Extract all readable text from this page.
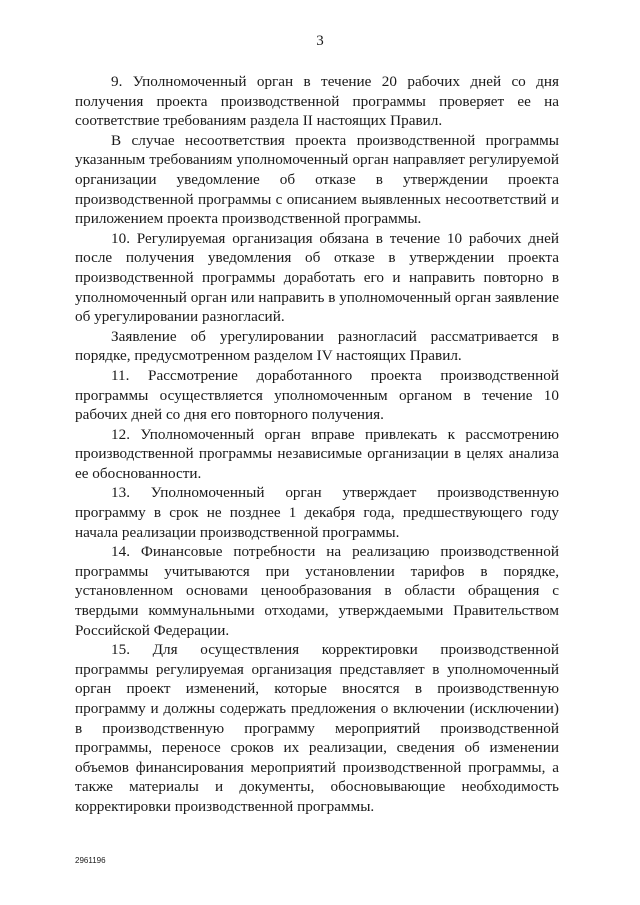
3

9. Уполномоченный орган в течение 20 рабочих дней со дня получения проекта производственной программы проверяет ее на соответствие требованиям раздела II настоящих Правил.

В случае несоответствия проекта производственной программы указанным требованиям уполномоченный орган направляет регулируемой организации уведомление об отказе в утверждении проекта производственной программы с описанием выявленных несоответствий и приложением проекта производственной программы.

10. Регулируемая организация обязана в течение 10 рабочих дней после получения уведомления об отказе в утверждении проекта производственной программы доработать его и направить повторно в уполномоченный орган или направить в уполномоченный орган заявление об урегулировании разногласий.

Заявление об урегулировании разногласий рассматривается в порядке, предусмотренном разделом IV настоящих Правил.

11. Рассмотрение доработанного проекта производственной программы осуществляется уполномоченным органом в течение 10 рабочих дней со дня его повторного получения.

12. Уполномоченный орган вправе привлекать к рассмотрению производственной программы независимые организации в целях анализа ее обоснованности.

13. Уполномоченный орган утверждает производственную программу в срок не позднее 1 декабря года, предшествующего году начала реализации производственной программы.

14. Финансовые потребности на реализацию производственной программы учитываются при установлении тарифов в порядке, установленном основами ценообразования в области обращения с твердыми коммунальными отходами, утверждаемыми Правительством Российской Федерации.

15. Для осуществления корректировки производственной программы регулируемая организация представляет в уполномоченный орган проект изменений, которые вносятся в производственную программу и должны содержать предложения о включении (исключении) в производственную программу мероприятий производственной программы, переносе сроков их реализации, сведения об изменении объемов финансирования мероприятий производственной программы, а также материалы и документы, обосновывающие необходимость корректировки производственной программы.

2961196
